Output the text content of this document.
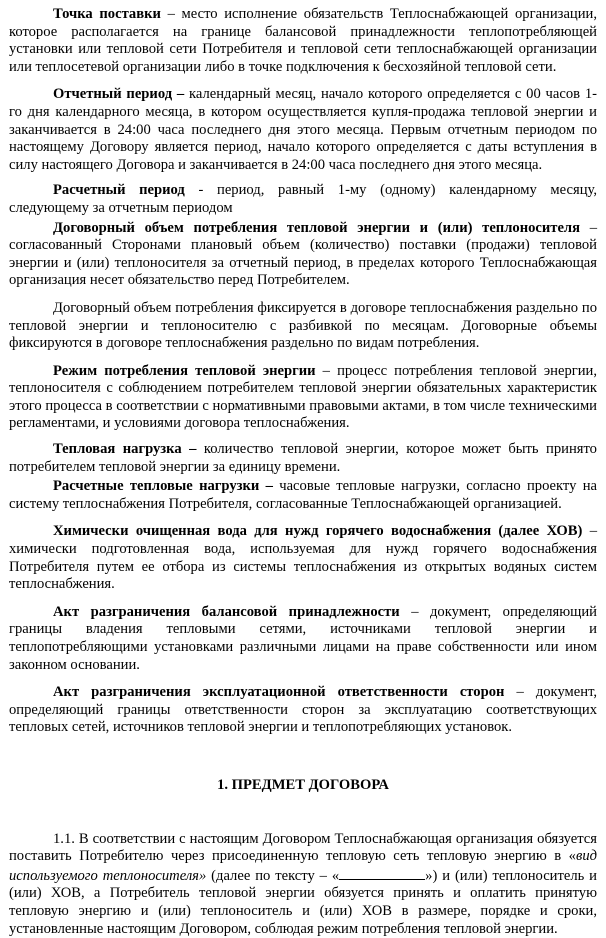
Точка поставки – место исполнение обязательств Теплоснабжающей организации, которое располагается на границе балансовой принадлежности теплопотребляющей установки или тепловой сети Потребителя и тепловой сети теплоснабжающей организации или теплосетевой организации либо в точке подключения к бесхозяйной тепловой сети.

Отчетный период – календарный месяц, начало которого определяется с 00 часов 1-го дня календарного месяца, в котором осуществляется купля-продажа тепловой энергии и заканчивается в 24:00 часа последнего дня этого месяца. Первым отчетным периодом по настоящему Договору является период, начало которого определяется с даты вступления в силу настоящего Договора и заканчивается в 24:00 часа последнего дня этого месяца.

Расчетный период - период, равный 1-му (одному) календарному месяцу, следующему за отчетным периодом

Договорный объем потребления тепловой энергии и (или) теплоносителя – согласованный Сторонами плановый объем (количество) поставки (продажи) тепловой энергии и (или) теплоносителя за отчетный период, в пределах которого Теплоснабжающая организация несет обязательство перед Потребителем.

Договорный объем потребления фиксируется в договоре теплоснабжения раздельно по тепловой энергии и теплоносителю с разбивкой по месяцам. Договорные объемы фиксируются в договоре теплоснабжения раздельно по видам потребления.

Режим потребления тепловой энергии – процесс потребления тепловой энергии, теплоносителя с соблюдением потребителем тепловой энергии обязательных характеристик этого процесса в соответствии с нормативными правовыми актами, в том числе техническими регламентами, и условиями договора теплоснабжения.

Тепловая нагрузка – количество тепловой энергии, которое может быть принято потребителем тепловой энергии за единицу времени.

Расчетные тепловые нагрузки – часовые тепловые нагрузки, согласно проекту на систему теплоснабжения Потребителя, согласованные Теплоснабжающей организацией.

Химически очищенная вода для нужд горячего водоснабжения (далее ХОВ) – химически подготовленная вода, используемая для нужд горячего водоснабжения Потребителя путем ее отбора из системы теплоснабжения из открытых водяных систем теплоснабжения.

Акт разграничения балансовой принадлежности – документ, определяющий границы владения тепловыми сетями, источниками тепловой энергии и теплопотребляющими установками различными лицами на праве собственности или ином законном основании.

Акт разграничения эксплуатационной ответственности сторон – документ, определяющий границы ответственности сторон за эксплуатацию соответствующих тепловых сетей, источников тепловой энергии и теплопотребляющих установок.

1. ПРЕДМЕТ ДОГОВОРА

1.1. В соответствии с настоящим Договором Теплоснабжающая организация обязуется поставить Потребителю через присоединенную тепловую сеть тепловую энергию в «вид используемого теплоносителя» (далее по тексту – «	») и (или) теплоноситель и (или) ХОВ, а Потребитель тепловой энергии обязуется принять и оплатить принятую тепловую энергию и (или) теплоноситель и (или) ХОВ в размере, порядке и сроки, установленные настоящим Договором, соблюдая режим потребления тепловой энергии.
